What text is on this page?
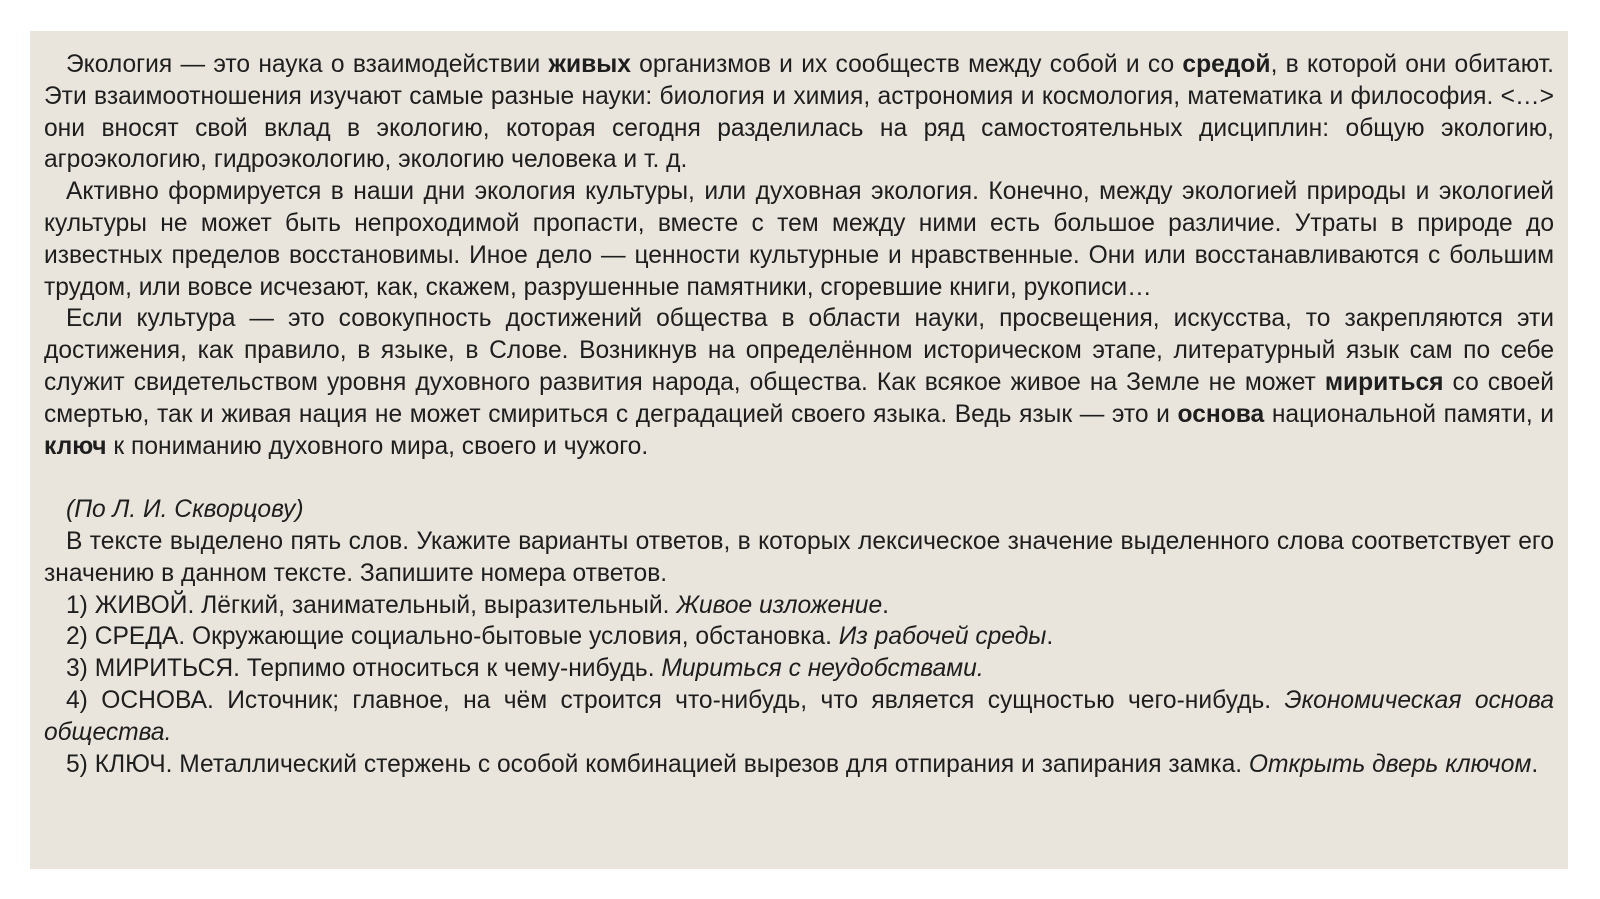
Экология — это наука о взаимодействии живых организмов и их сообществ между собой и со средой, в которой они обитают. Эти взаимоотношения изучают самые разные науки: биология и химия, астрономия и космология, математика и философия. <…> они вносят свой вклад в экологию, которая сегодня разделилась на ряд самостоятельных дисциплин: общую экологию, агроэкологию, гидроэкологию, экологию человека и т. д.

Активно формируется в наши дни экология культуры, или духовная экология. Конечно, между экологией природы и экологией культуры не может быть непроходимой пропасти, вместе с тем между ними есть большое различие. Утраты в природе до известных пределов восстановимы. Иное дело — ценности культурные и нравственные. Они или восстанавливаются с большим трудом, или вовсе исчезают, как, скажем, разрушенные памятники, сгоревшие книги, рукописи…

Если культура — это совокупность достижений общества в области науки, просвещения, искусства, то закрепляются эти достижения, как правило, в языке, в Слове. Возникнув на определённом историческом этапе, литературный язык сам по себе служит свидетельством уровня духовного развития народа, общества. Как всякое живое на Земле не может мириться со своей смертью, так и живая нация не может смириться с деградацией своего языка. Ведь язык — это и основа национальной памяти, и ключ к пониманию духовного мира, своего и чужого.

(По Л. И. Скворцову)

В тексте выделено пять слов. Укажите варианты ответов, в которых лексическое значение выделенного слова соответствует его значению в данном тексте. Запишите номера ответов.

1) ЖИВОЙ. Лёгкий, занимательный, выразительный. Живое изложение.

2) СРЕДА. Окружающие социально-бытовые условия, обстановка. Из рабочей среды.

3) МИРИТЬСЯ. Терпимо относиться к чему-нибудь. Мириться с неудобствами.

4) ОСНОВА. Источник; главное, на чём строится что-нибудь, что является сущностью чего-нибудь. Экономическая основа общества.

5) КЛЮЧ. Металлический стержень с особой комбинацией вырезов для отпирания и запирания замка. Открыть дверь ключом.
